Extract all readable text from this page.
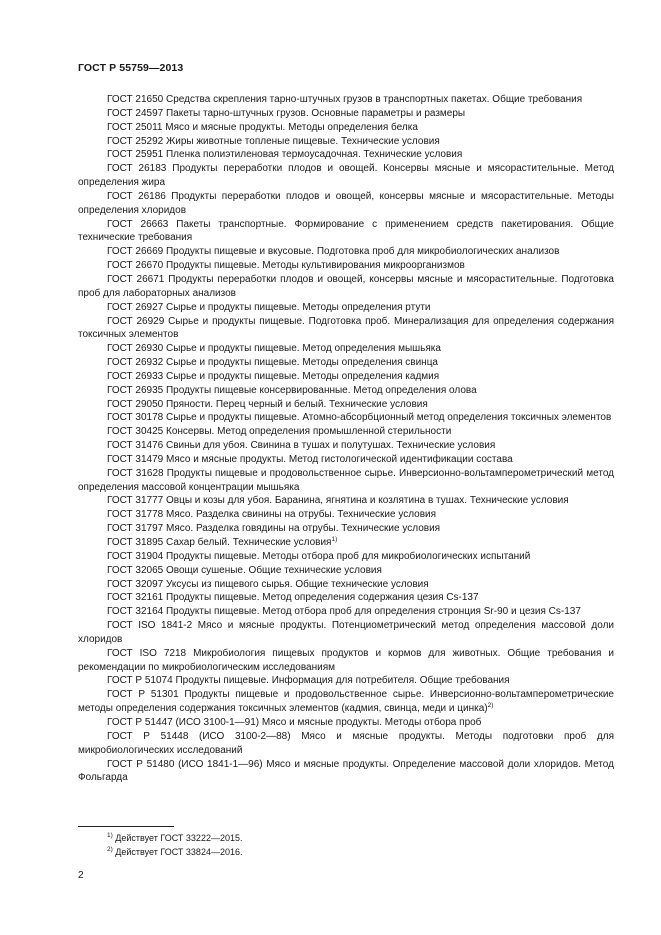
ГОСТ Р 55759—2013

ГОСТ 21650 Средства скрепления тарно-штучных грузов в транспортных пакетах. Общие требования

ГОСТ 24597 Пакеты тарно-штучных грузов. Основные параметры и размеры

ГОСТ 25011 Мясо и мясные продукты. Методы определения белка

ГОСТ 25292 Жиры животные топленые пищевые. Технические условия

ГОСТ 25951 Пленка полиэтиленовая термоусадочная. Технические условия

ГОСТ 26183 Продукты переработки плодов и овощей. Консервы мясные и мясорастительные. Метод определения жира

ГОСТ 26186 Продукты переработки плодов и овощей, консервы мясные и мясорастительные. Методы определения хлоридов

ГОСТ 26663 Пакеты транспортные. Формирование с применением средств пакетирования. Общие технические требования

ГОСТ 26669 Продукты пищевые и вкусовые. Подготовка проб для микробиологических анализов

ГОСТ 26670 Продукты пищевые. Методы культивирования микроорганизмов

ГОСТ 26671 Продукты переработки плодов и овощей, консервы мясные и мясорастительные. Подготовка проб для лабораторных анализов

ГОСТ 26927 Сырье и продукты пищевые. Методы определения ртути

ГОСТ 26929 Сырье и продукты пищевые. Подготовка проб. Минерализация для определения содержания токсичных элементов

ГОСТ 26930 Сырье и продукты пищевые. Метод определения мышьяка

ГОСТ 26932 Сырье и продукты пищевые. Методы определения свинца

ГОСТ 26933 Сырье и продукты пищевые. Методы определения кадмия

ГОСТ 26935 Продукты пищевые консервированные. Метод определения олова

ГОСТ 29050 Пряности. Перец черный и белый. Технические условия

ГОСТ 30178 Сырье и продукты пищевые. Атомно-абсорбционный метод определения токсичных элементов

ГОСТ 30425 Консервы. Метод определения промышленной стерильности

ГОСТ 31476 Свиньи для убоя. Свинина в тушах и полутушах. Технические условия

ГОСТ 31479 Мясо и мясные продукты. Метод гистологической идентификации состава

ГОСТ 31628 Продукты пищевые и продовольственное сырье. Инверсионно-вольтамперометрический метод определения массовой концентрации мышьяка

ГОСТ 31777 Овцы и козы для убоя. Баранина, ягнятина и козлятина в тушах. Технические условия

ГОСТ 31778 Мясо. Разделка свинины на отрубы. Технические условия

ГОСТ 31797 Мясо. Разделка говядины на отрубы. Технические условия

ГОСТ 31895 Сахар белый. Технические условия$^{1)}$

ГОСТ 31904 Продукты пищевые. Методы отбора проб для микробиологических испытаний

ГОСТ 32065 Овощи сушеные. Общие технические условия

ГОСТ 32097 Уксусы из пищевого сырья. Общие технические условия

ГОСТ 32161 Продукты пищевые. Метод определения содержания цезия Cs-137

ГОСТ 32164 Продукты пищевые. Метод отбора проб для определения стронция Sr-90 и цезия Cs-137

ГОСТ ISO 1841-2 Мясо и мясные продукты. Потенциометрический метод определения массовой доли хлоридов

ГОСТ ISO 7218 Микробиология пищевых продуктов и кормов для животных. Общие требования и рекомендации по микробиологическим исследованиям

ГОСТ Р 51074 Продукты пищевые. Информация для потребителя. Общие требования

ГОСТ Р 51301 Продукты пищевые и продовольственное сырье. Инверсионно-вольтамперометрические методы определения содержания токсичных элементов (кадмия, свинца, меди и цинка)$^{2)}$

ГОСТ Р 51447 (ИСО 3100-1—91) Мясо и мясные продукты. Методы отбора проб

ГОСТ Р 51448 (ИСО 3100-2—88) Мясо и мясные продукты. Методы подготовки проб для микробиологических исследований

ГОСТ Р 51480 (ИСО 1841-1—96) Мясо и мясные продукты. Определение массовой доли хлоридов. Метод Фольгарда

$^{1)}$ Действует ГОСТ 33222—2015.

$^{2)}$ Действует ГОСТ 33824—2016.

2
